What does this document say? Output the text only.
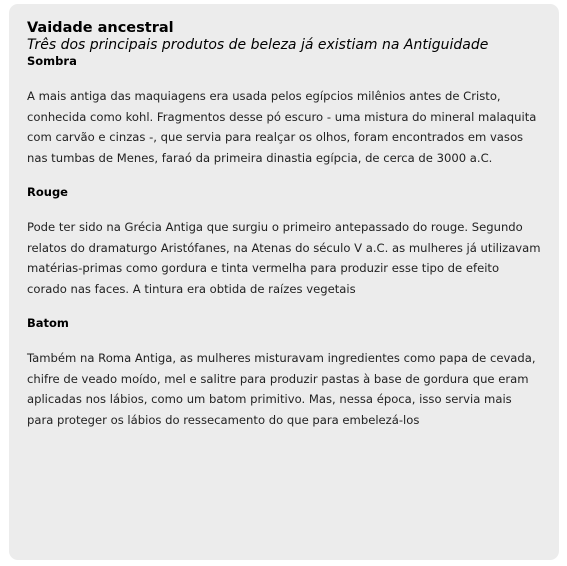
Vaidade ancestral

Três dos principais produtos de beleza já existiam na Antiguidade

Sombra

A mais antiga das maquiagens era usada pelos egípcios milênios antes de Cristo, conhecida como kohl. Fragmentos desse pó escuro - uma mistura do mineral malaquita com carvão e cinzas -, que servia para realçar os olhos, foram encontrados em vasos nas tumbas de Menes, faraó da primeira dinastia egípcia, de cerca de 3000 a.C.

Rouge

Pode ter sido na Grécia Antiga que surgiu o primeiro antepassado do rouge. Segundo relatos do dramaturgo Aristófanes, na Atenas do século V a.C. as mulheres já utilizavam matérias-primas como gordura e tinta vermelha para produzir esse tipo de efeito corado nas faces. A tintura era obtida de raízes vegetais

Batom

Também na Roma Antiga, as mulheres misturavam ingredientes como papa de cevada, chifre de veado moído, mel e salitre para produzir pastas à base de gordura que eram aplicadas nos lábios, como um batom primitivo. Mas, nessa época, isso servia mais para proteger os lábios do ressecamento do que para embelezá-los
